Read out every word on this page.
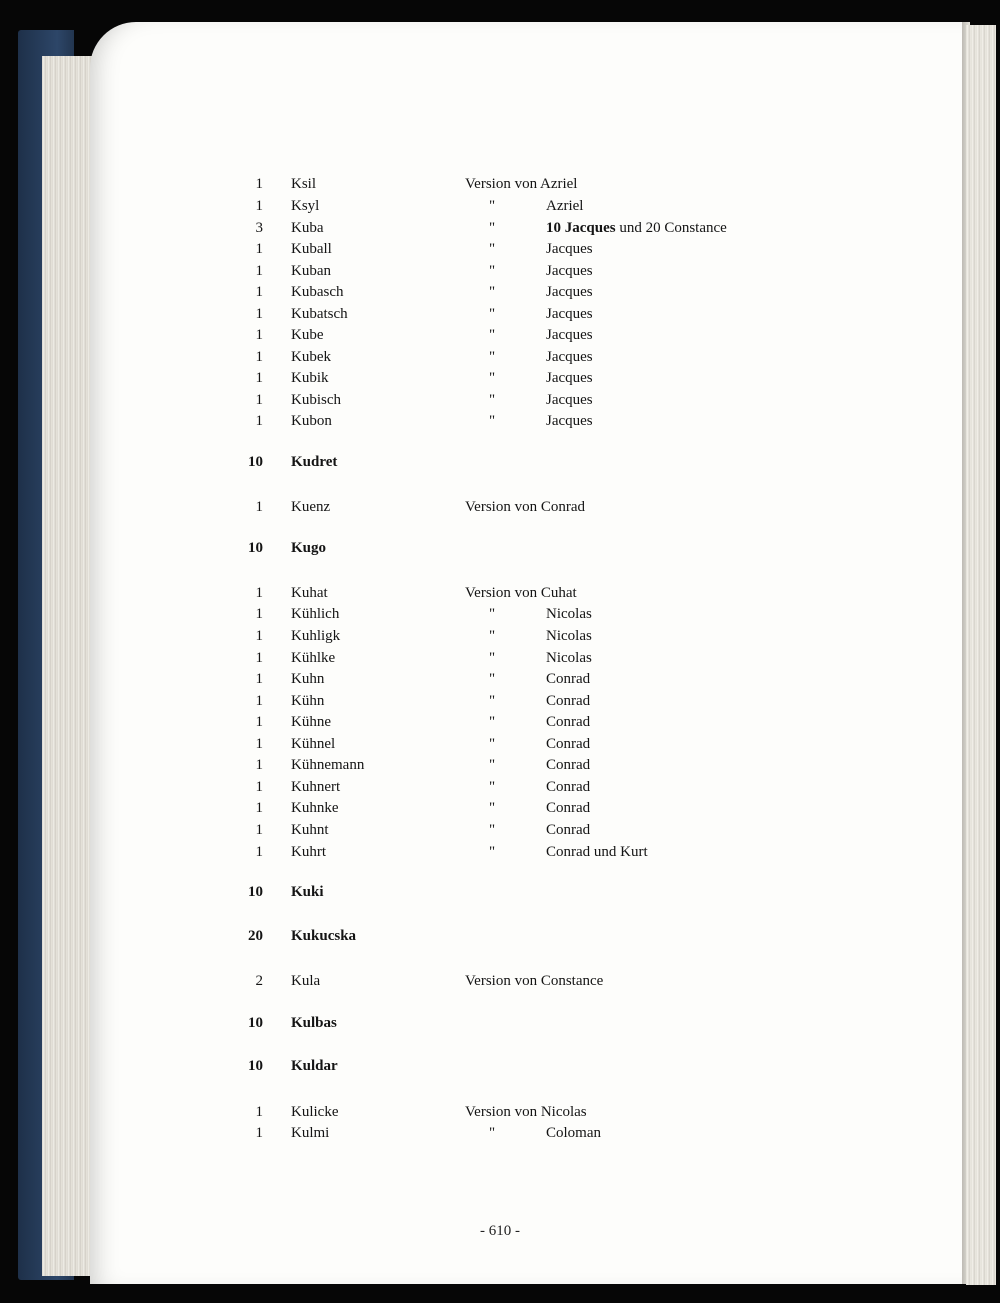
1 Ksil	Version von Azriel
1 Ksyl	"	Azriel
3 Kuba	"	10 Jacques und 20 Constance
1 Kuball	"	Jacques
1 Kuban	"	Jacques
1 Kubasch	"	Jacques
1 Kubatsch	"	Jacques
1 Kube	"	Jacques
1 Kubek	"	Jacques
1 Kubik	"	Jacques
1 Kubisch	"	Jacques
1 Kubon	"	Jacques
10 Kudret
1 Kuenz	Version von Conrad
10 Kugo
1 Kuhat	Version von Cuhat
1 Kühlich	"	Nicolas
1 Kuhligk	"	Nicolas
1 Kühlke	"	Nicolas
1 Kuhn	"	Conrad
1 Kühn	"	Conrad
1 Kühne	"	Conrad
1 Kühnel	"	Conrad
1 Kühnemann	"	Conrad
1 Kuhnert	"	Conrad
1 Kuhnke	"	Conrad
1 Kuhnt	"	Conrad
1 Kuhrt	"	Conrad und Kurt
10 Kuki
20 Kukucska
2 Kula	Version von Constance
10 Kulbas
10 Kuldar
1 Kulicke	Version von Nicolas
1 Kulmi	"	Coloman
- 610 -
